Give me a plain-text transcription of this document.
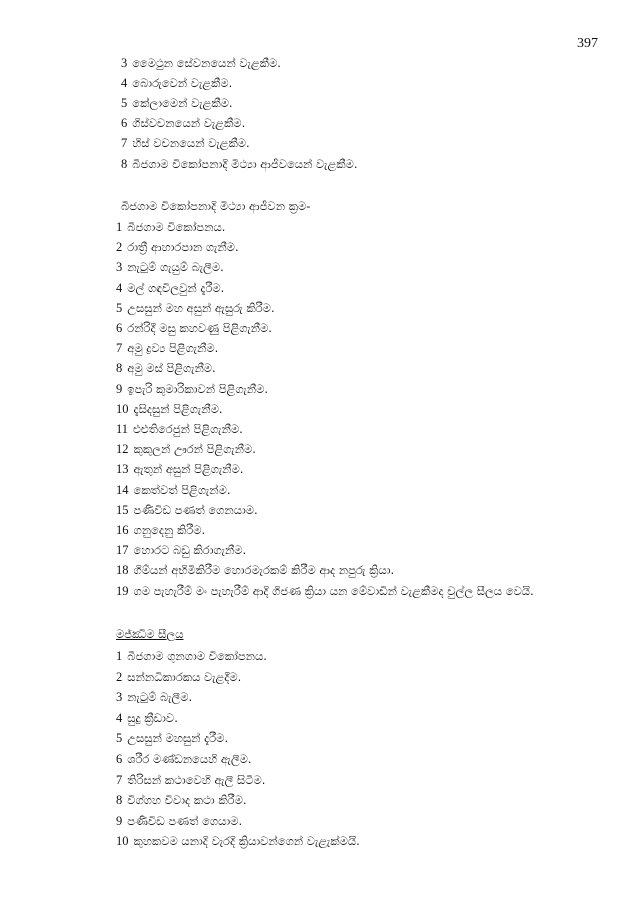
397
3 මෛථුන සේවනයෙන් වැළකීම.
4 බොරුවෙන් වැළකීම.
5 කේලාමෙන් වැළකීම.
6 ගිස්වචනයෙන් වැළකීම.
7 හිස් වචනයෙන් වැළකීම.
8 බීජගාම විකෝපනාදි මිථ්‍යා ආජීවයෙන් වැළකීම.
බීජගාම විකෝපනාදි මිථ්‍යා ආජීවන ක්‍රම-
1 බීජගාම විකෝපනය.
2 රාත්‍රී ආහාරපාන ගැනීම.
3 නැටුම් ගැයුම් බැලීම.
4 මල් ගඳවිලවුන් දැරීම.
5 උසසුන් මහ අසුන් ඇසුරු කිරීම.
6 රන්රිදී මසු කහවණු පිළිගැනීම.
7 අමු ද්‍රව්‍ය පිළිගැනීම.
8 අමු මස් පිළිගැනීම.
9 ඉපැරි කුමාරිකාවන් පිළිගැනීම.
10 දැසිදසුන් පිළිගැනීම.
11 එළුතිරෙජුන් පිළිගැනීම.
12 කුකුලන් ඌරන් පිළිගැනීම.
13 ඇතුන් අසුන් පිළිගැනීම.
14 කෙත්වත් පිළිගැන්ම.
15 පණිවිඩ පණත් ගෙනයාම.
16 ගනුදෙනු කිරීම.
17 හොරට බඩු කිරාගැනීම.
18 ගිම්යන් අභිමිකිරීම හොරමැරකම් කිරීම ආද නපුරු ක්‍රියා.
19 ගම පැහැරීම් මං පැහැරීම් ආදි ගිජණ ක්‍රියා යන මේවාඩින් වැළකීමද චුල්ල සීලය වෙයි.
මජ්ඣිම සීලය
1 බීජගාම ගුනගාම විකෝපනය.
2 සන්නධිකාරකය වැළදීම.
3 නැටුම් බැලීම.
4 සුදු ක්‍රීඩාව.
5 උසසුන් මහසුන් දැරීම.
6 ශරීර මණ්ඩනයෙහි ඇලීම.
7 තිරිසන් කථාවෙහි ඇලී සිටීම.
8 විග්ගහ විවාද කථා කිරීම.
9 පණිවිඩ පණත් ගෙයාම.
10 කුහකවම යනාදි වැරදි ක්‍රියාවන්ගෙන් වැළැක්මයි.
